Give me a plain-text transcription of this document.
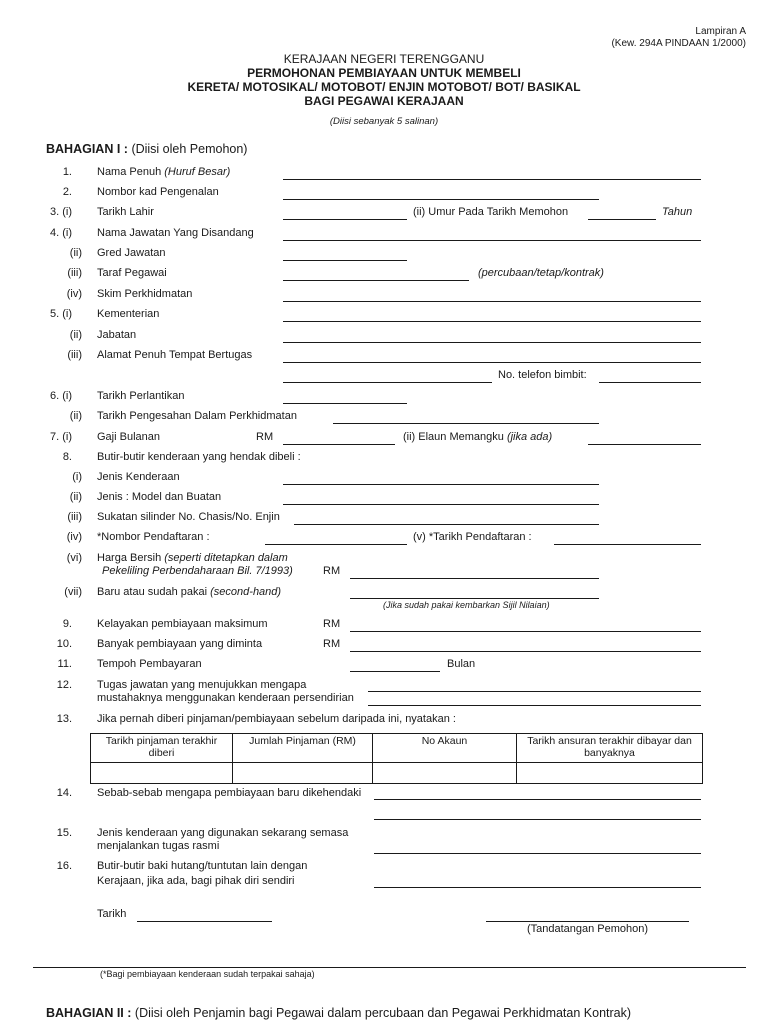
Lampiran A
(Kew. 294A PINDAAN 1/2000)
KERAJAAN NEGERI TERENGGANU
PERMOHONAN PEMBIAYAAN UNTUK MEMBELI
KERETA/ MOTOSIKAL/ MOTOBOT/ ENJIN MOTOBOT/ BOT/ BASIKAL
BAGI PEGAWAI KERAJAAN
(Diisi sebanyak 5 salinan)
BAHAGIAN I : (Diisi oleh Pemohon)
1. Nama Penuh (Huruf Besar)
2. Nombor kad Pengenalan
3. (i) Tarikh Lahir	(ii) Umur Pada Tarikh Memohon	Tahun
4. (i) Nama Jawatan Yang Disandang
(ii) Gred Jawatan
(iii) Taraf Pegawai	(percubaan/tetap/kontrak)
(iv) Skim Perkhidmatan
5. (i) Kementerian
(ii) Jabatan
(iii) Alamat Penuh Tempat Bertugas
No. telefon bimbit:
6. (i) Tarikh Perlantikan
(ii) Tarikh Pengesahan Dalam Perkhidmatan
7. (i) Gaji Bulanan	RM	(ii) Elaun Memangku (jika ada)
8. Butir-butir kenderaan yang hendak dibeli :
(i) Jenis Kenderaan
(ii) Jenis : Model dan Buatan
(iii) Sukatan silinder No. Chasis/No. Enjin
(iv) *Nombor Pendaftaran :	(v) *Tarikh Pendaftaran :
(vi) Harga Bersih (seperti ditetapkan dalam
Pekeliling Perbendaharaan Bil. 7/1993)	RM
(vii) Baru atau sudah pakai (second-hand)
(Jika sudah pakai kembarkan Sijil Nilaian)
9. Kelayakan pembiayaan maksimum	RM
10. Banyak pembiayaan yang diminta	RM
11. Tempoh Pembayaran	Bulan
12. Tugas jawatan yang menujukkan mengapa
mustahaknya menggunakan kenderaan persendirian
13. Jika pernah diberi pinjaman/pembiayaan sebelum daripada ini, nyatakan :
Tarikh pinjaman terakhir diberi	Jumlah Pinjaman (RM)	No Akaun	Tarikh ansuran terakhir dibayar dan banyaknya

14. Sebab-sebab mengapa pembiayaan baru dikehendaki
15. Jenis kenderaan yang digunakan sekarang semasa
menjalankan tugas rasmi
16. Butir-butir baki hutang/tuntutan lain dengan
Kerajaan, jika ada, bagi pihak diri sendiri
Tarikh
(Tandatangan Pemohon)
(*Bagi pembiayaan kenderaan sudah terpakai sahaja)
BAHAGIAN II : (Diisi oleh Penjamin bagi Pegawai dalam percubaan dan Pegawai Perkhidmatan Kontrak)
